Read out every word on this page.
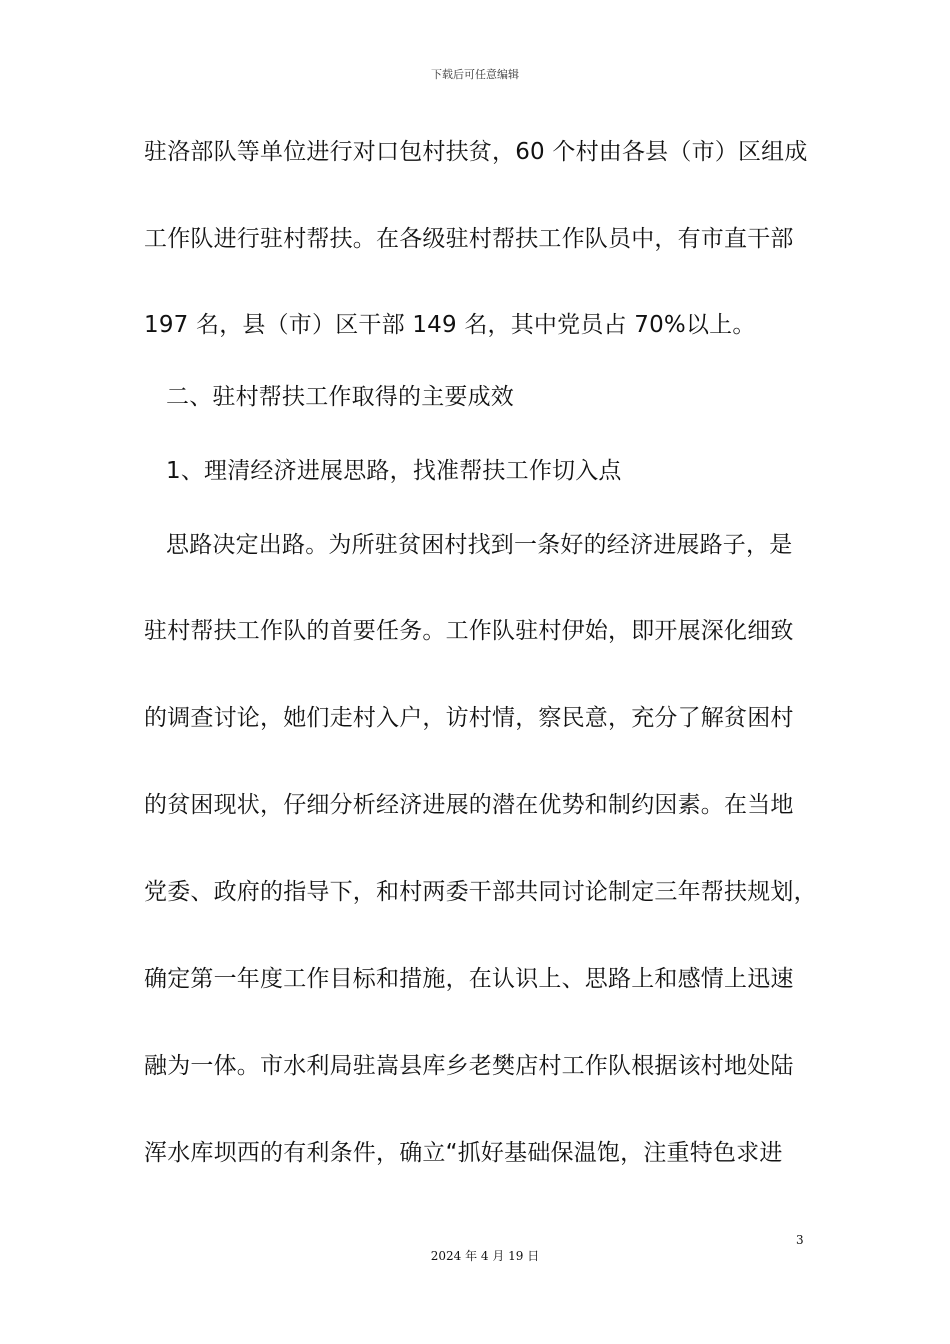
下载后可任意编辑
驻洛部队等单位进行对口包村扶贫，60 个村由各县（市）区组成
工作队进行驻村帮扶。在各级驻村帮扶工作队员中，有市直干部
197 名，县（市）区干部 149 名，其中党员占 70%以上。
二、驻村帮扶工作取得的主要成效
1、理清经济进展思路，找准帮扶工作切入点
思路决定出路。为所驻贫困村找到一条好的经济进展路子，是
驻村帮扶工作队的首要任务。工作队驻村伊始，即开展深化细致
的调查讨论，她们走村入户，访村情，察民意，充分了解贫困村
的贫困现状，仔细分析经济进展的潜在优势和制约因素。在当地
党委、政府的指导下，和村两委干部共同讨论制定三年帮扶规划，
确定第一年度工作目标和措施，在认识上、思路上和感情上迅速
融为一体。市水利局驻嵩县库乡老樊店村工作队根据该村地处陆
浑水库坝西的有利条件，确立“抓好基础保温饱，注重特色求进
3
2024 年 4 月 19 日
